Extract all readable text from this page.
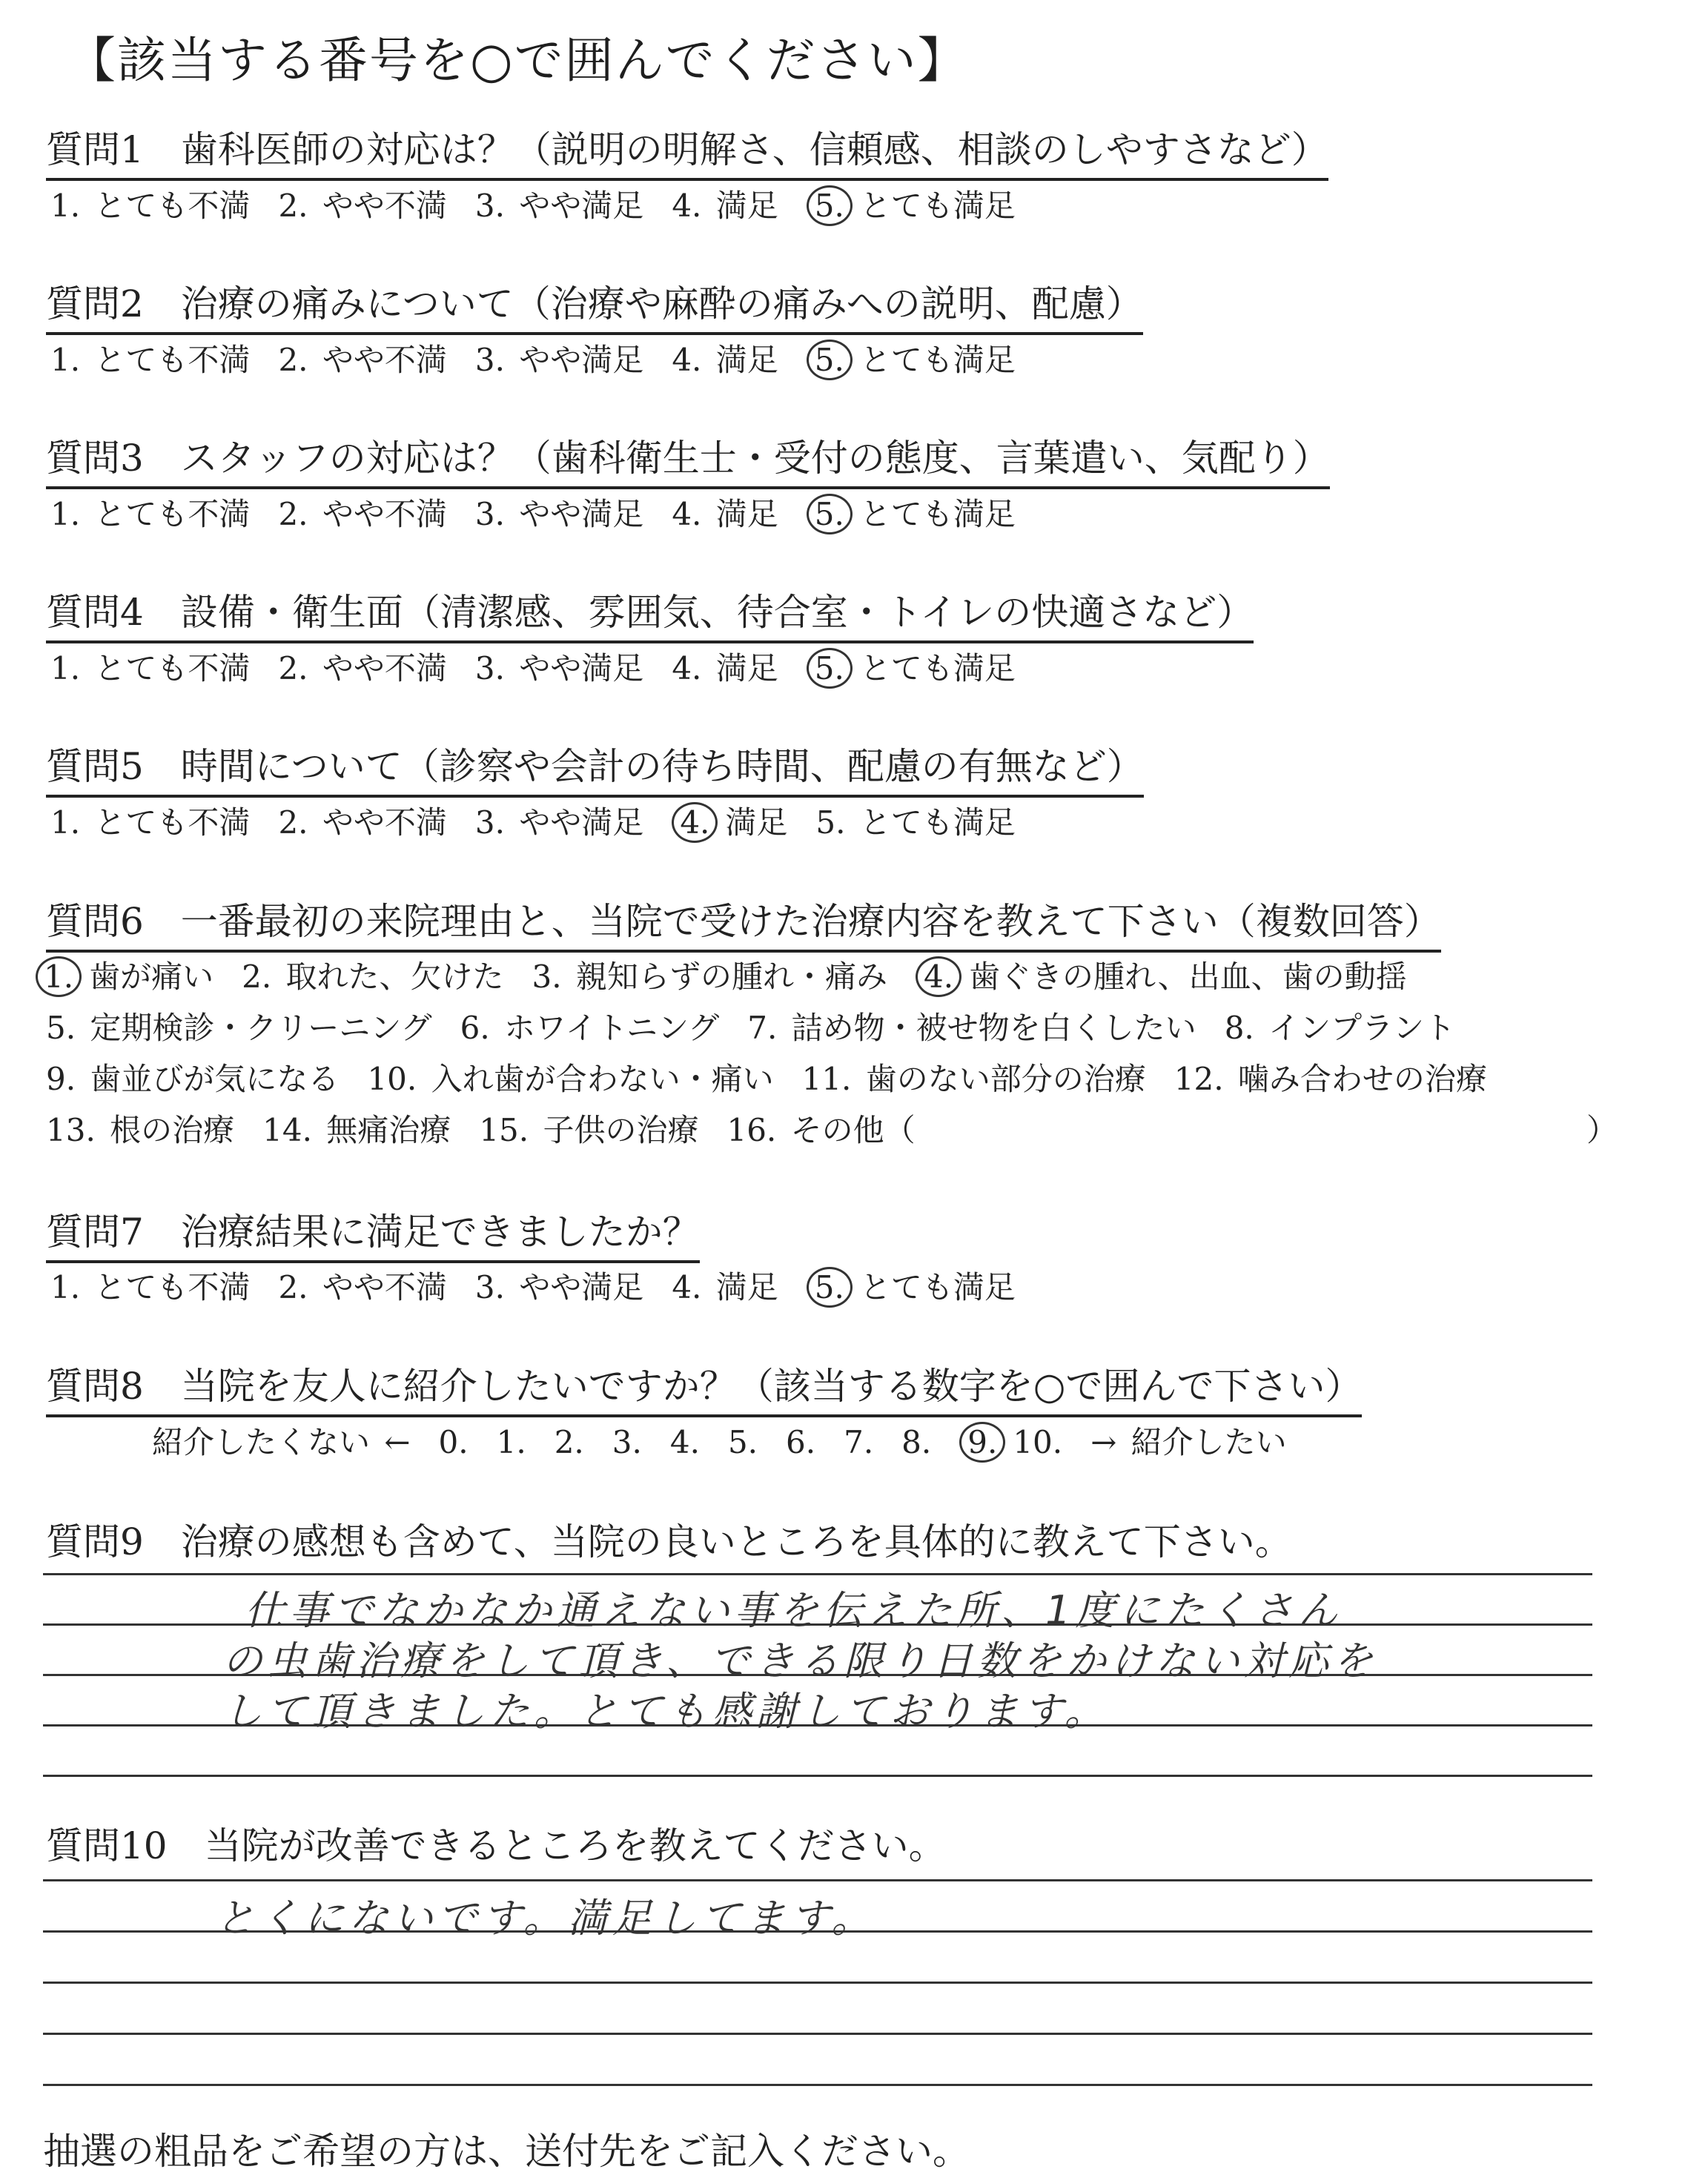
【該当する番号を○で囲んでください】
質問1　歯科医師の対応は？（説明の明解さ、信頼感、相談のしやすさなど）
1. とても不満 2. やや不満 3. やや満足 4. 満足 5. とても満足
質問2　治療の痛みについて（治療や麻酔の痛みへの説明、配慮）
1. とても不満 2. やや不満 3. やや満足 4. 満足 5. とても満足
質問3　スタッフの対応は？（歯科衛生士・受付の態度、言葉遣い、気配り）
1. とても不満 2. やや不満 3. やや満足 4. 満足 5. とても満足
質問4　設備・衛生面（清潔感、雰囲気、待合室・トイレの快適さなど）
1. とても不満 2. やや不満 3. やや満足 4. 満足 5. とても満足
質問5　時間について（診察や会計の待ち時間、配慮の有無など）
1. とても不満 2. やや不満 3. やや満足 4. 満足 5. とても満足
質問6　一番最初の来院理由と、当院で受けた治療内容を教えて下さい（複数回答）
1. 歯が痛い 2. 取れた、欠けた 3. 親知らずの腫れ・痛み 4. 歯ぐきの腫れ、出血、歯の動揺
5. 定期検診・クリーニング 6. ホワイトニング 7. 詰め物・被せ物を白くしたい 8. インプラント
9. 歯並びが気になる 10. 入れ歯が合わない・痛い 11. 歯のない部分の治療 12. 噛み合わせの治療
13. 根の治療 14. 無痛治療 15. 子供の治療 16. その他（	）
質問7　治療結果に満足できましたか？
1. とても不満 2. やや不満 3. やや満足 4. 満足 5. とても満足
質問8　当院を友人に紹介したいですか？（該当する数字を○で囲んで下さい）
紹介したくない ← 0. 1. 2. 3. 4. 5. 6. 7. 8. 9. 10. → 紹介したい
質問9　治療の感想も含めて、当院の良いところを具体的に教えて下さい。
仕事でなかなか通えない事を伝えた所、1度にたくさん
の虫歯治療をして頂き、できる限り日数をかけない対応を
して頂きました。とても感謝しております。
質問10　当院が改善できるところを教えてください。
とくにないです。満足してます。
抽選の粗品をご希望の方は、送付先をご記入ください。
